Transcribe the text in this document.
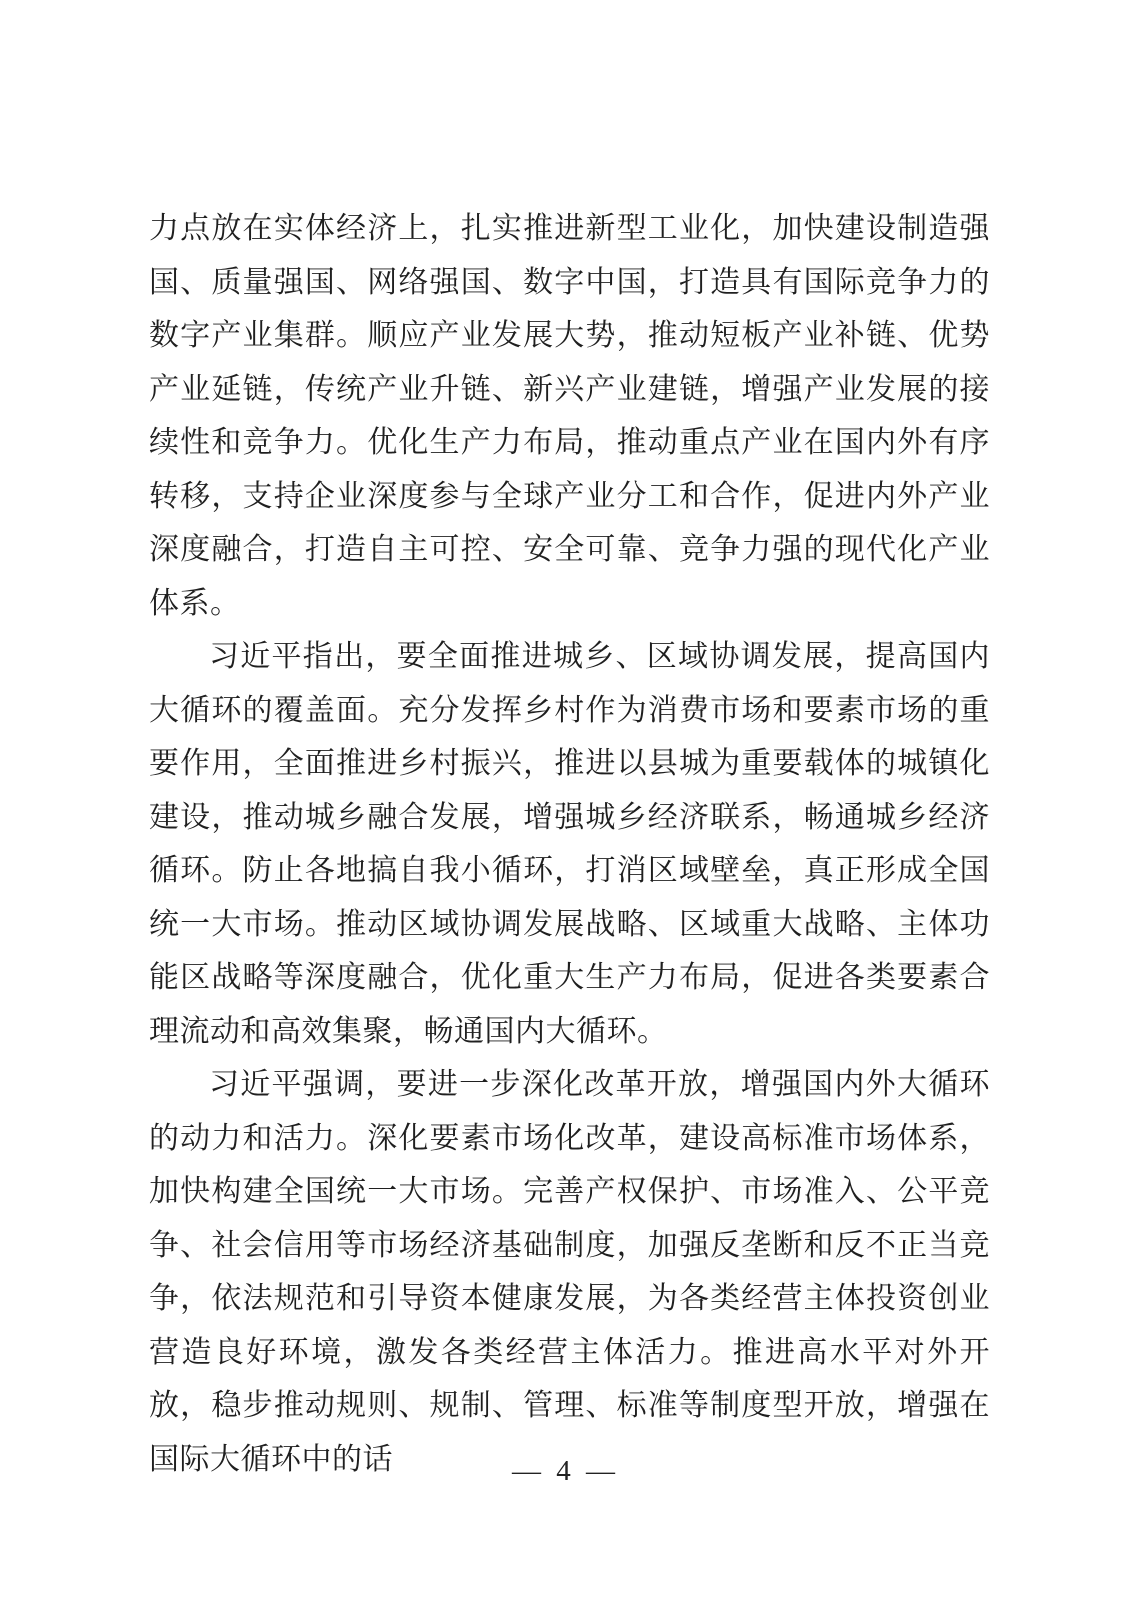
力点放在实体经济上，扎实推进新型工业化，加快建设制造强国、质量强国、网络强国、数字中国，打造具有国际竞争力的数字产业集群。顺应产业发展大势，推动短板产业补链、优势产业延链，传统产业升链、新兴产业建链，增强产业发展的接续性和竞争力。优化生产力布局，推动重点产业在国内外有序转移，支持企业深度参与全球产业分工和合作，促进内外产业深度融合，打造自主可控、安全可靠、竞争力强的现代化产业体系。

习近平指出，要全面推进城乡、区域协调发展，提高国内大循环的覆盖面。充分发挥乡村作为消费市场和要素市场的重要作用，全面推进乡村振兴，推进以县城为重要载体的城镇化建设，推动城乡融合发展，增强城乡经济联系，畅通城乡经济循环。防止各地搞自我小循环，打消区域壁垒，真正形成全国统一大市场。推动区域协调发展战略、区域重大战略、主体功能区战略等深度融合，优化重大生产力布局，促进各类要素合理流动和高效集聚，畅通国内大循环。

习近平强调，要进一步深化改革开放，增强国内外大循环的动力和活力。深化要素市场化改革，建设高标准市场体系，加快构建全国统一大市场。完善产权保护、市场准入、公平竞争、社会信用等市场经济基础制度，加强反垄断和反不正当竞争，依法规范和引导资本健康发展，为各类经营主体投资创业营造良好环境，激发各类经营主体活力。推进高水平对外开放，稳步推动规则、规制、管理、标准等制度型开放，增强在国际大循环中的话	— 4 —
